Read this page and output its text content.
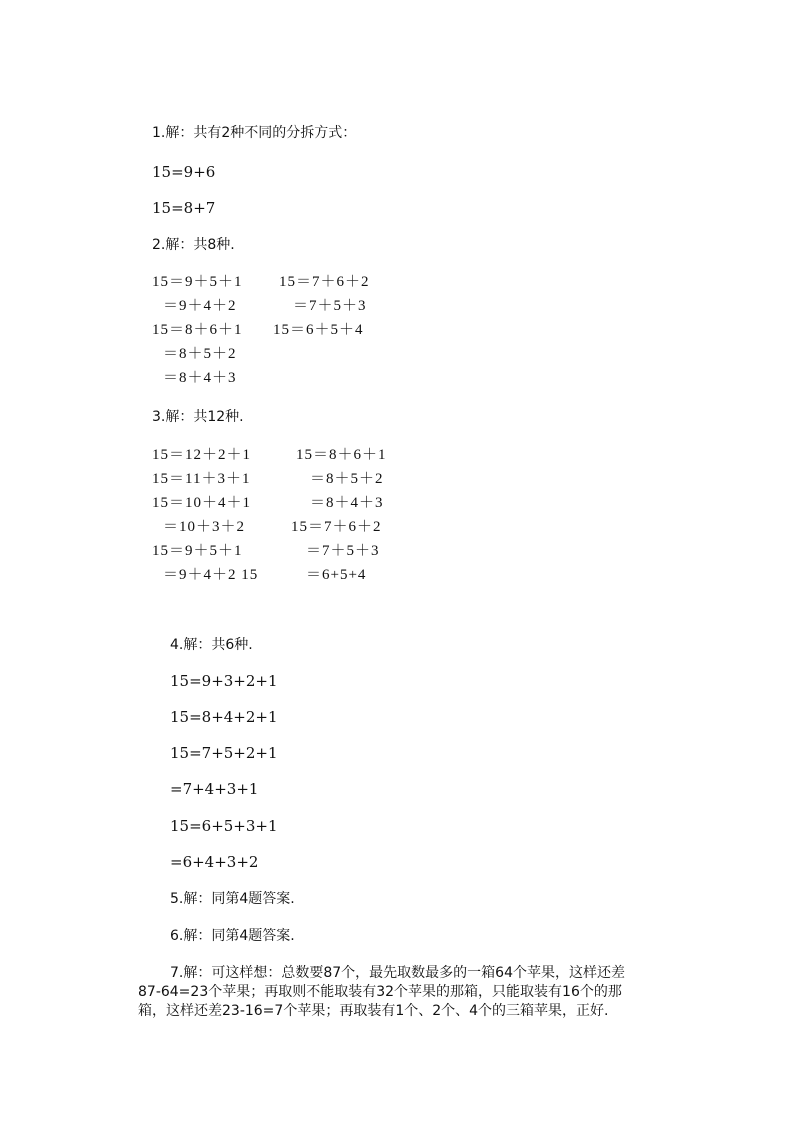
1.解：共有2种不同的分拆方式：
15=9+6
15=8+7
2.解：共8种.
15＝9＋5＋1
＝9＋4＋2
15＝8＋6＋1
＝8＋5＋2
＝8＋4＋3
15＝7＋6＋2
＝7＋5＋3
15＝6＋5＋4
3.解：共12种.
15＝12＋2＋1
15＝11＋3＋1
15＝10＋4＋1
＝10＋3＋2
15＝9＋5＋1
＝9＋4＋2 15
15＝8＋6＋1
＝8＋5＋2
＝8＋4＋3
15＝7＋6＋2
＝7＋5＋3
＝6+5+4
4.解：共6种.
15=9+3+2+1
15=8+4+2+1
15=7+5+2+1
=7+4+3+1
15=6+5+3+1
=6+4+3+2
5.解：同第4题答案.
6.解：同第4题答案.
7.解：可这样想：总数要87个，最先取数最多的一箱64个苹果，这样还差
87-64=23个苹果；再取则不能取装有32个苹果的那箱，只能取装有16个的那
箱，这样还差23-16=7个苹果；再取装有1个、2个、4个的三箱苹果，正好.
